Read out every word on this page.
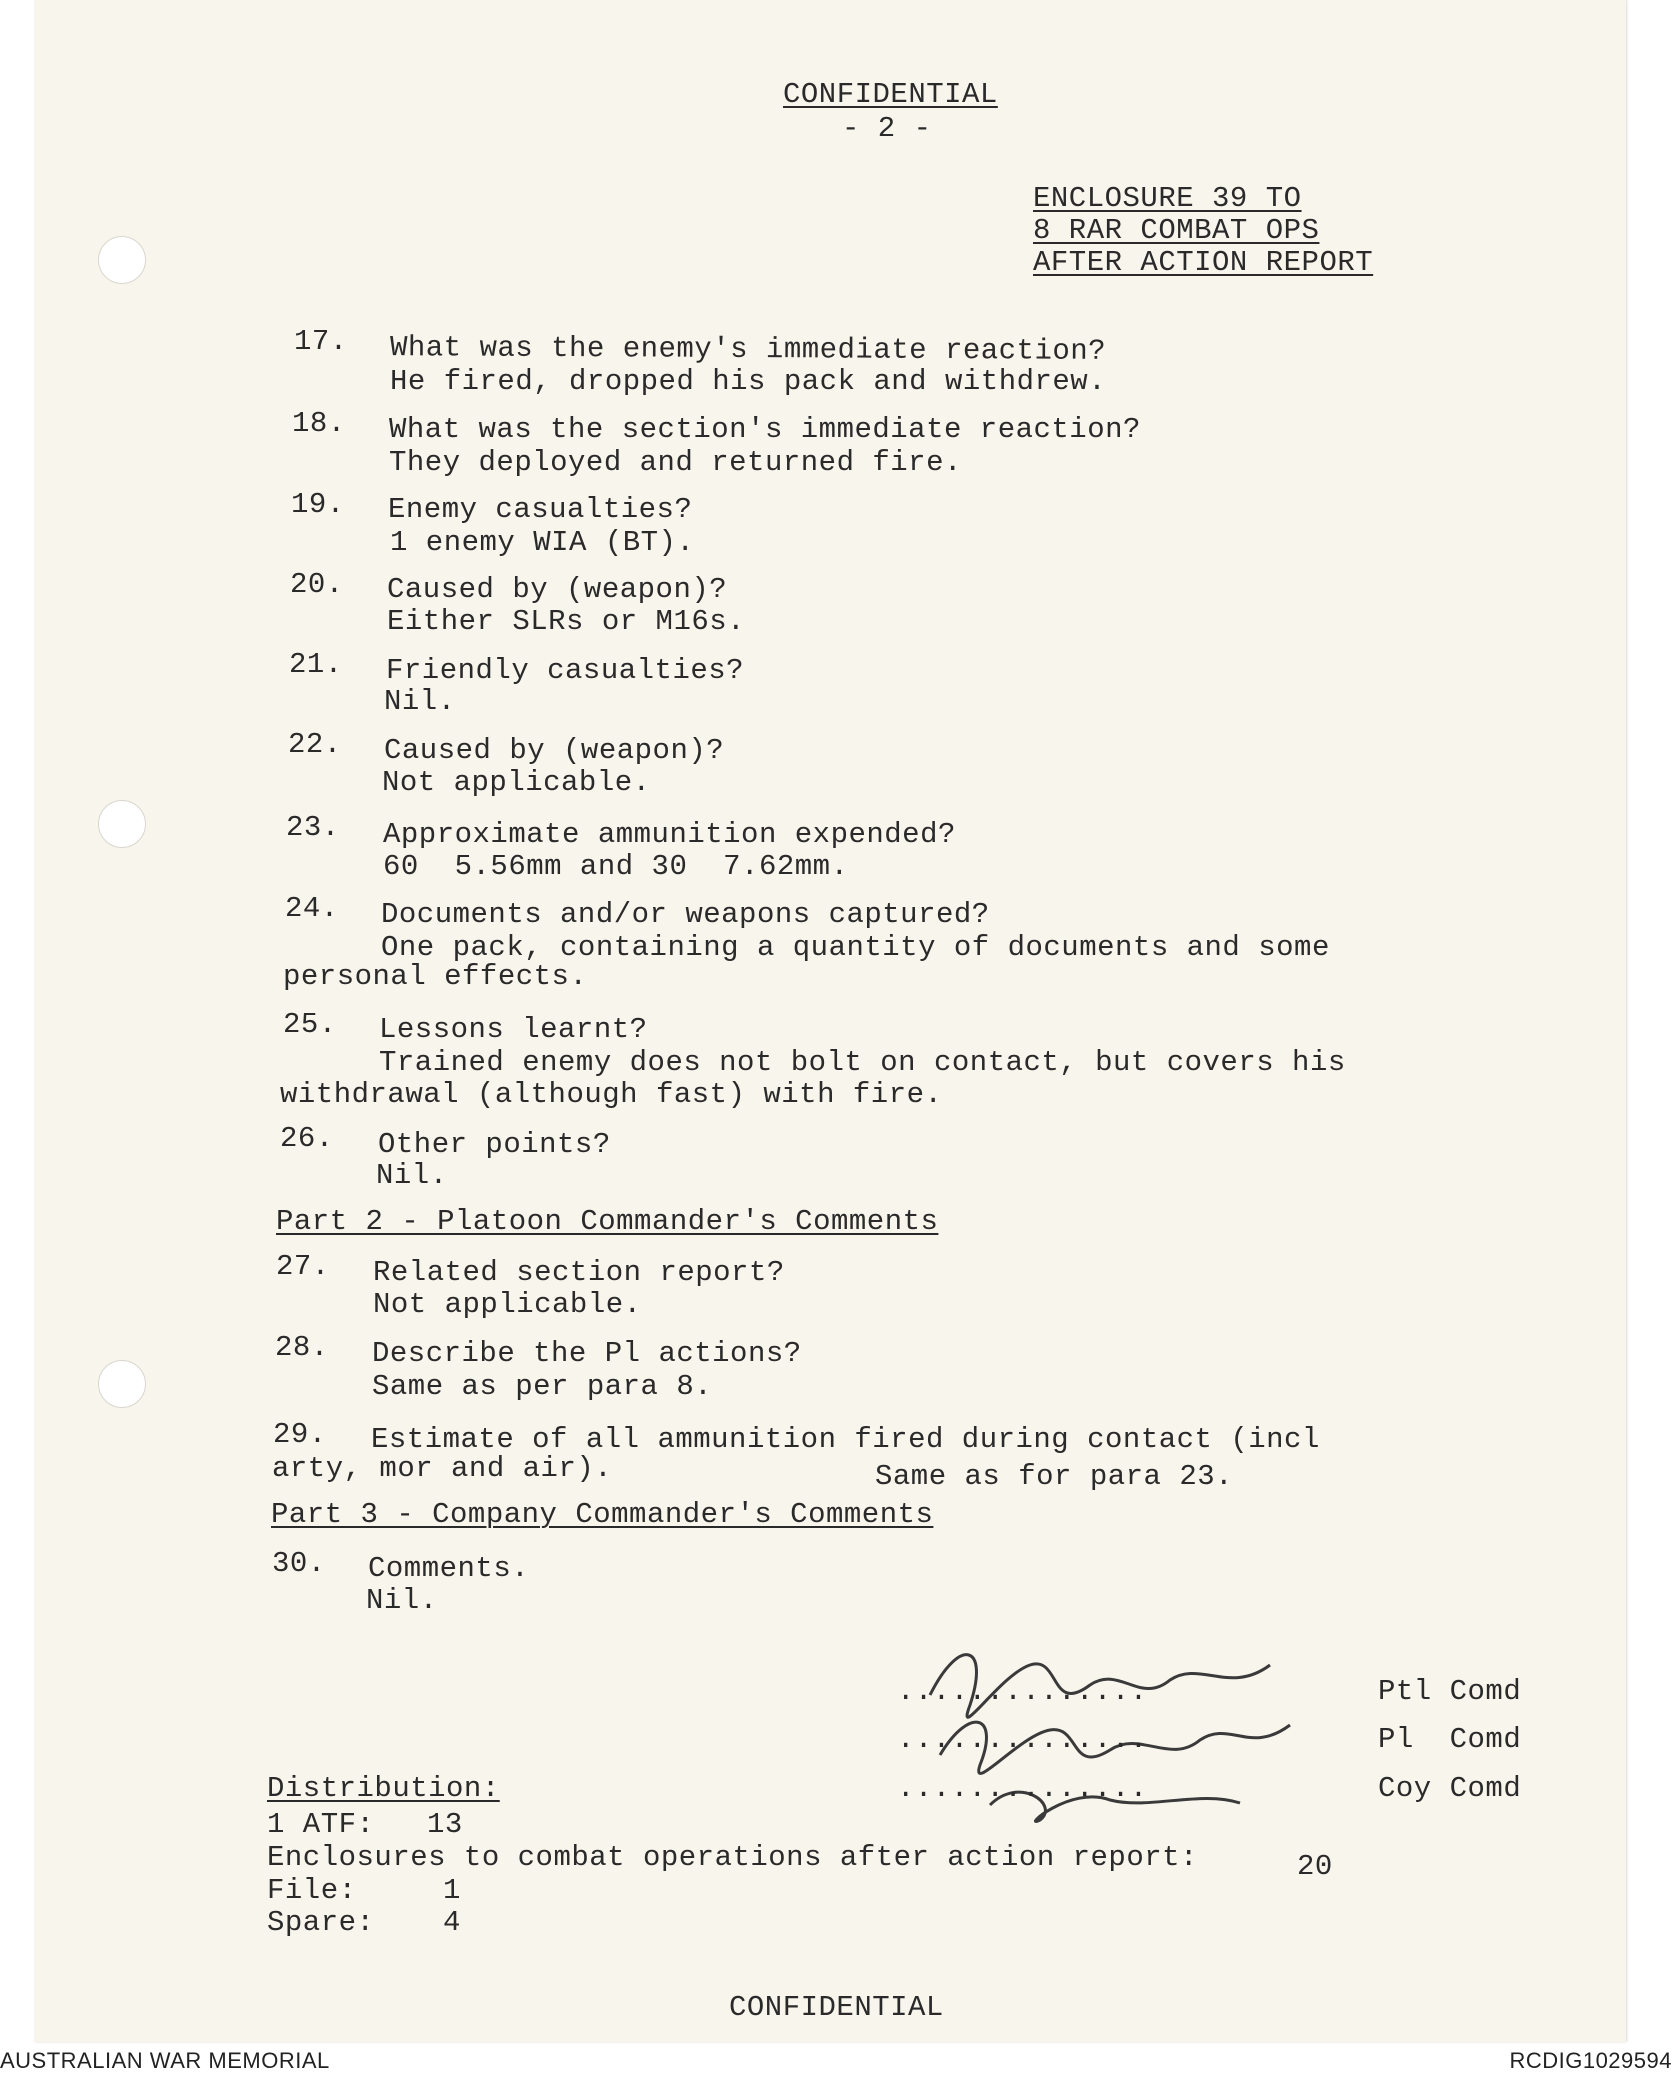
CONFIDENTIAL
- 2 -
ENCLOSURE 39 TO
8 RAR COMBAT OPS
AFTER ACTION REPORT
17. What was the enemy's immediate reaction?
He fired, dropped his pack and withdrew.
18. What was the section's immediate reaction?
They deployed and returned fire.
19. Enemy casualties?
1 enemy WIA (BT).
20. Caused by (weapon)?
Either SLRs or M16s.
21. Friendly casualties?
Nil.
22. Caused by (weapon)?
Not applicable.
23. Approximate ammunition expended?
60  5.56mm and 30  7.62mm.
24. Documents and/or weapons captured?
One pack, containing a quantity of documents and some
personal effects.
25. Lessons learnt?
Trained enemy does not bolt on contact, but covers his
withdrawal (although fast) with fire.
26. Other points?
Nil.
Part 2 - Platoon Commander's Comments
27. Related section report?
Not applicable.
28. Describe the Pl actions?
Same as per para 8.
29. Estimate of all ammunition fired during contact (incl
arty, mor and air).	Same as for para 23.
Part 3 - Company Commander's Comments
30. Comments.
Nil.
..............	Ptl Comd
..............	Pl  Comd
..............	Coy Comd
Distribution:
1 ATF: 13
Enclosures to combat operations after action report:	20
File:	1
Spare: 4
CONFIDENTIAL
AUSTRALIAN WAR MEMORIAL	RCDIG1029594
